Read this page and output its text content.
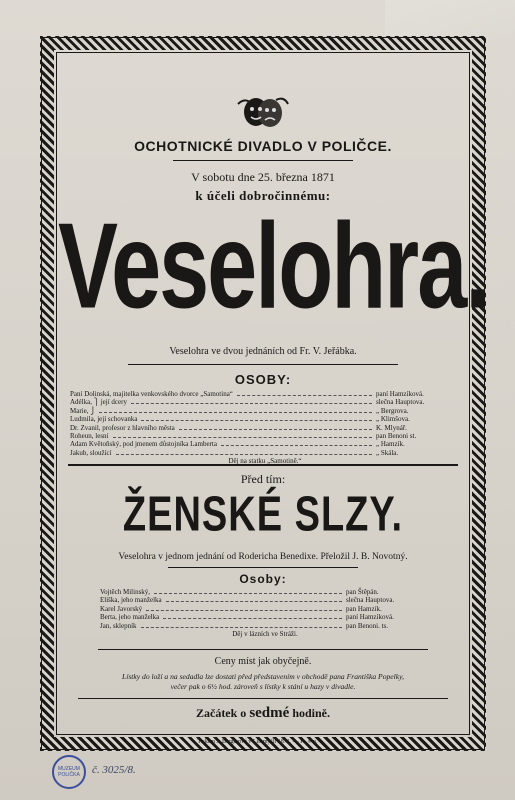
OCHOTNICKÉ DIVADLO V POLIČCE.
V sobotu dne 25. března 1871
k účeli dobročinnému:
Veselohra.
Veselohra ve dvou jednáních od Fr. V. Jeřábka.
OSOBY:
Paní Dolinská, majitelka venkovského dvorce „Samotina“	paní Hamzíková.
Adélka, ⎫ její dcery	slečna Hauptova.
Marie, ⎭	„ Bergrova.
Ludmila, její schovanka	„ Klimšova.
Dr. Zvanil, profesor z hlavního města	K. Mlynář.
Roheun, lesní	pan Benoni st.
Adam Květoňský, pod jmenem důstojníka Lamberta	„ Hamzík.
Jakub, sloužící	„ Skála.
Děj na statku „Samotině.“
Před tím:
ŽENSKÉ SLZY.
Veselohra v jednom jednání od Rodericha Benedixe. Přeložil J. B. Novotný.
Osoby:
Vojtěch Milinský,	pan Štěpán.
Eliška, jeho manželka	slečna Hauptova.
Karel Javorský	pan Hamzík.
Berta, jeho manželka	paní Hamzíková.
Jan, sklepník	pan Benoni. ts.
Děj v lázních ve Stráži.
Ceny míst jak obyčejně.
Lístky do loží a na sedadla lze dostati před představením v obchodě pana Františka Popelky,
večer pak o 6½ hod. zároveň s lístky k stání u hazy v divadle.
Začátek o sedmé hodině.
Tiskem J. Bergerové v Litomyšli 1871. — K. ∝ p.
MUZEUM POLIČKA	č. 3025/8.
